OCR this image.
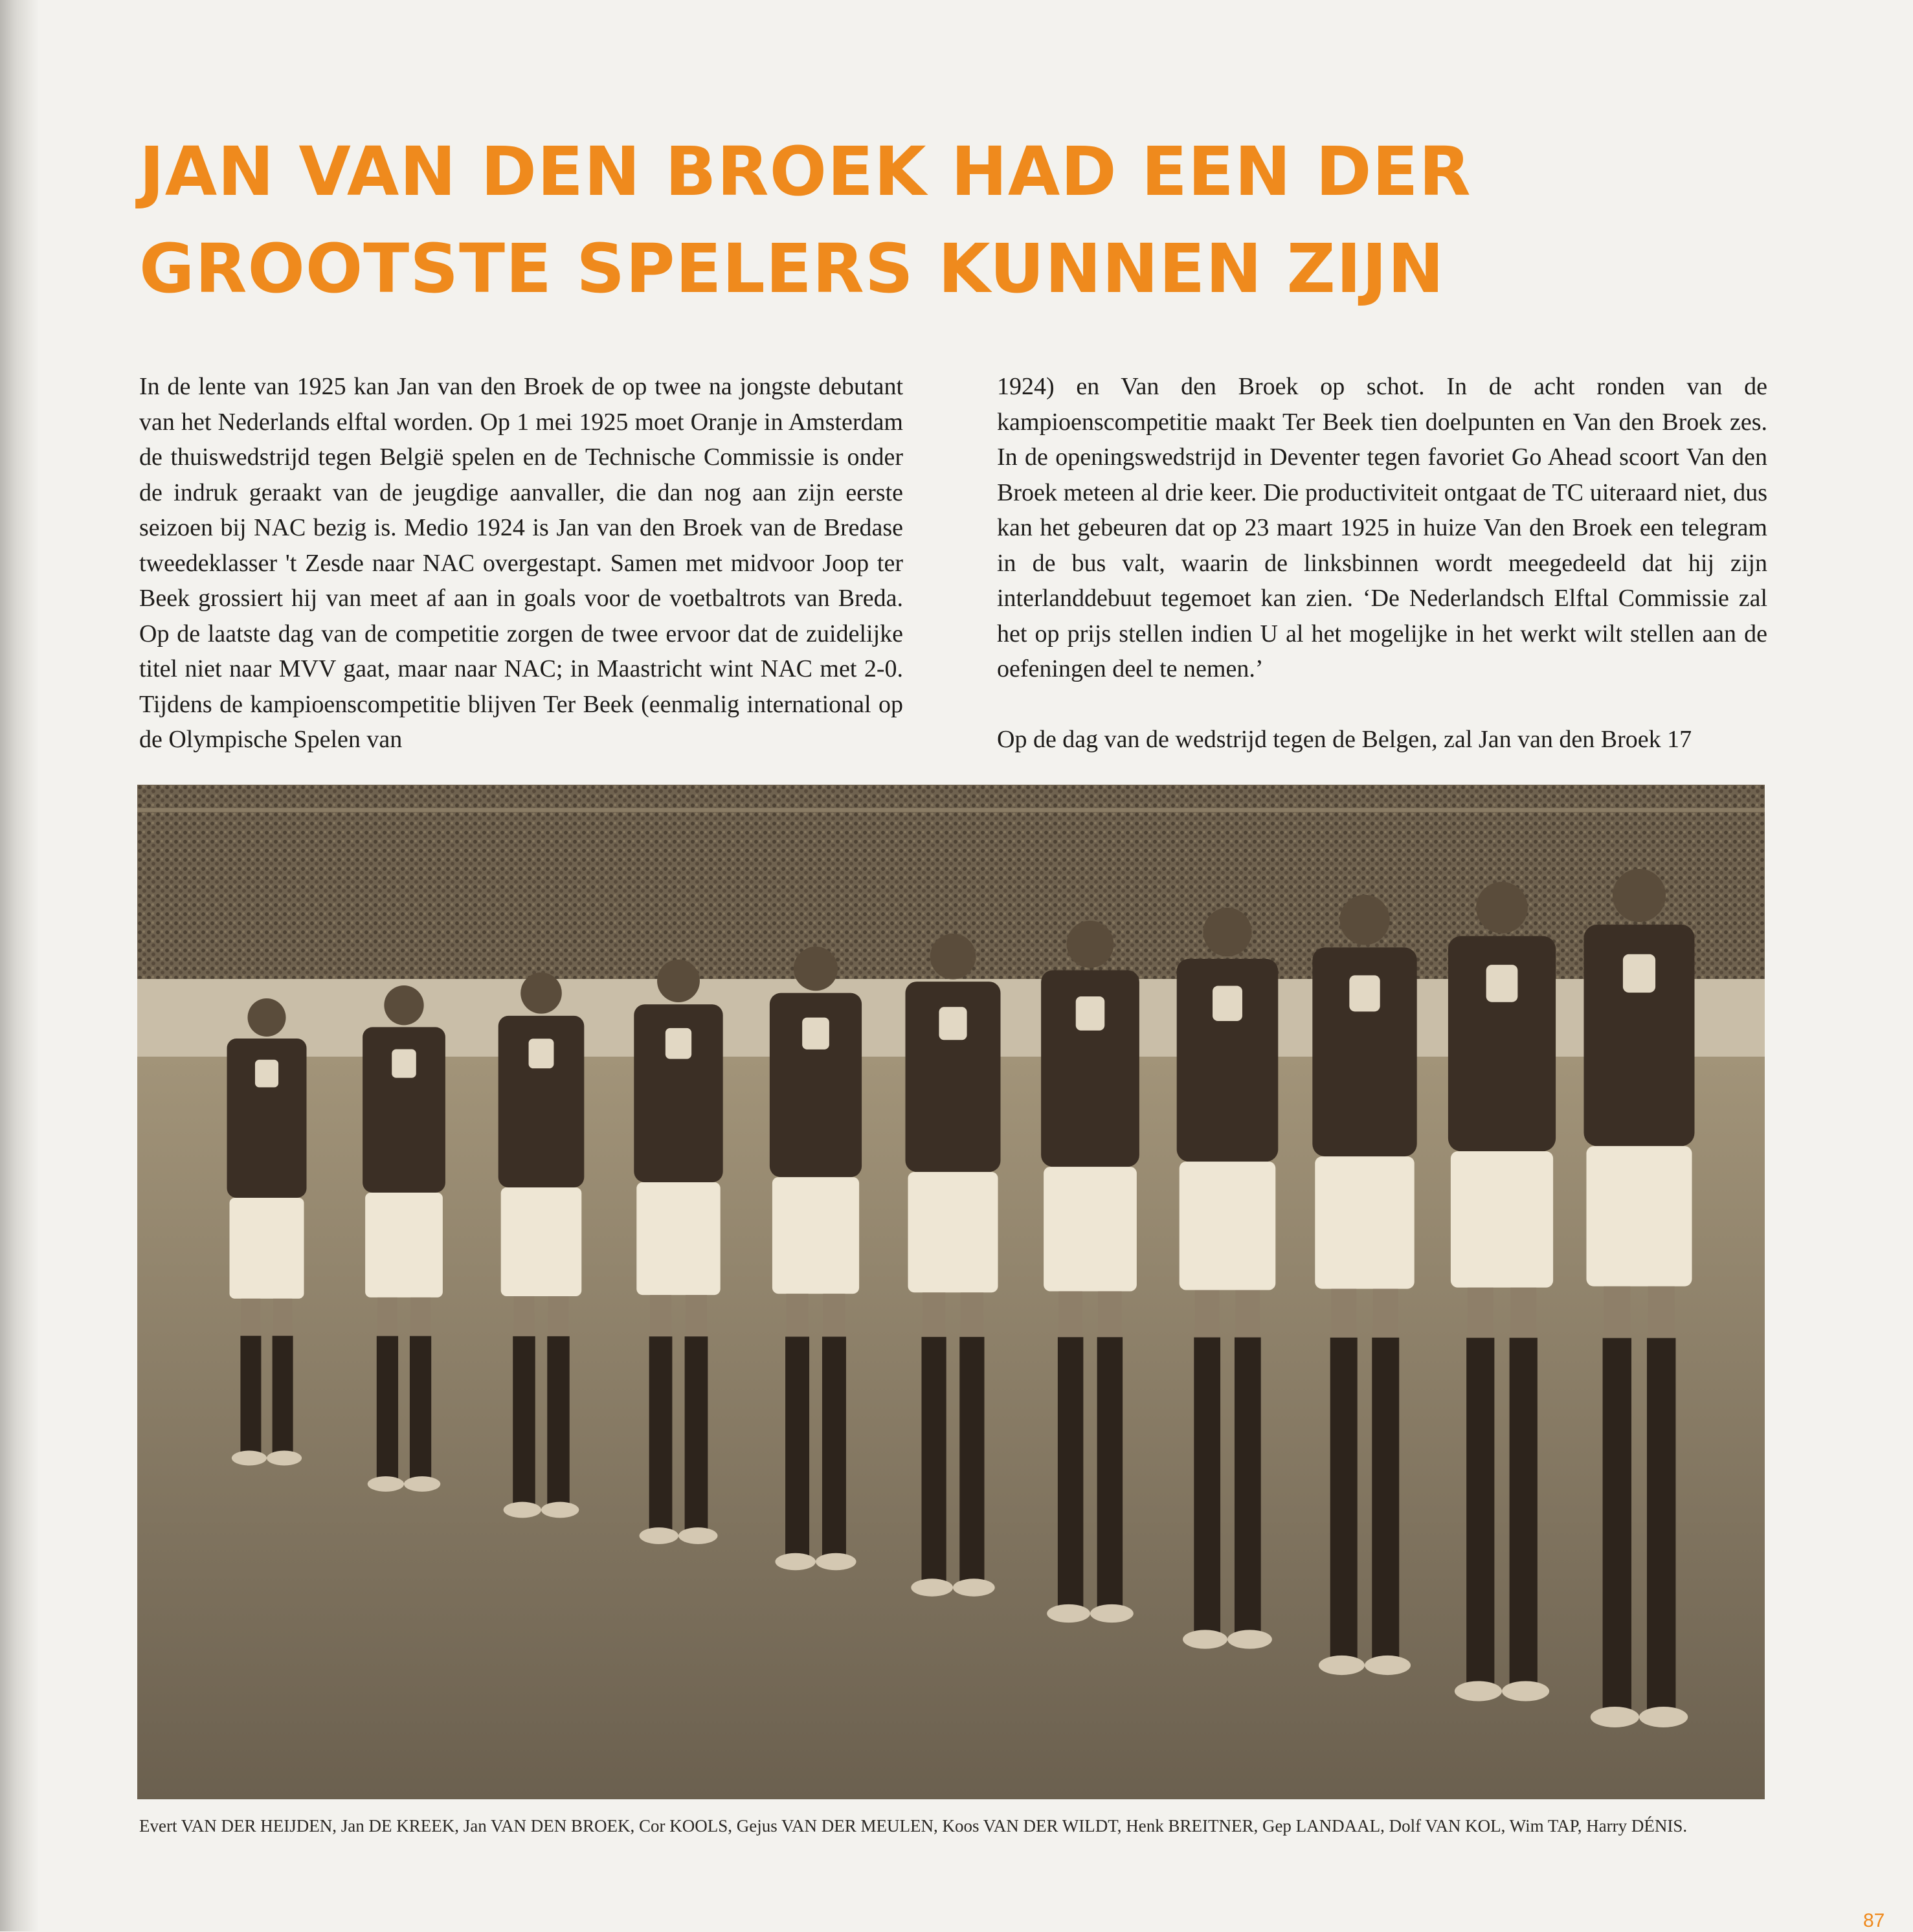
JAN VAN DEN BROEK HAD EEN DER
GROOTSTE SPELERS KUNNEN ZIJN

In de lente van 1925 kan Jan van den Broek de op twee na jongste debutant van het Nederlands elftal worden. Op 1 mei 1925 moet Oranje in Amsterdam de thuiswedstrijd tegen België spelen en de Technische Commissie is onder de indruk geraakt van de jeugdige aanvaller, die dan nog aan zijn eerste seizoen bij NAC bezig is. Medio 1924 is Jan van den Broek van de Bredase tweedeklasser 't Zesde naar NAC overgestapt. Samen met midvoor Joop ter Beek grossiert hij van meet af aan in goals voor de voetbaltrots van Breda. Op de laatste dag van de competitie zorgen de twee ervoor dat de zuidelijke titel niet naar MVV gaat, maar naar NAC; in Maastricht wint NAC met 2-0. Tijdens de kampioenscompetitie blijven Ter Beek (eenmalig international op de Olympische Spelen van

1924) en Van den Broek op schot. In de acht ronden van de kampioenscompetitie maakt Ter Beek tien doelpunten en Van den Broek zes. In de openingswedstrijd in Deventer tegen favoriet Go Ahead scoort Van den Broek meteen al drie keer. Die productiviteit ontgaat de TC uiteraard niet, dus kan het gebeuren dat op 23 maart 1925 in huize Van den Broek een telegram in de bus valt, waarin de linksbinnen wordt meegedeeld dat hij zijn interlanddebuut tegemoet kan zien. ‘De Nederlandsch Elftal Commissie zal het op prijs stellen indien U al het mogelijke in het werkt wilt stellen aan de oefeningen deel te nemen.’

Op de dag van de wedstrijd tegen de Belgen, zal Jan van den Broek 17

Evert VAN DER HEIJDEN, Jan DE KREEK, Jan VAN DEN BROEK, Cor KOOLS, Gejus VAN DER MEULEN, Koos VAN DER WILDT, Henk BREITNER, Gep LANDAAL, Dolf VAN KOL, Wim TAP, Harry DÉNIS.
87
